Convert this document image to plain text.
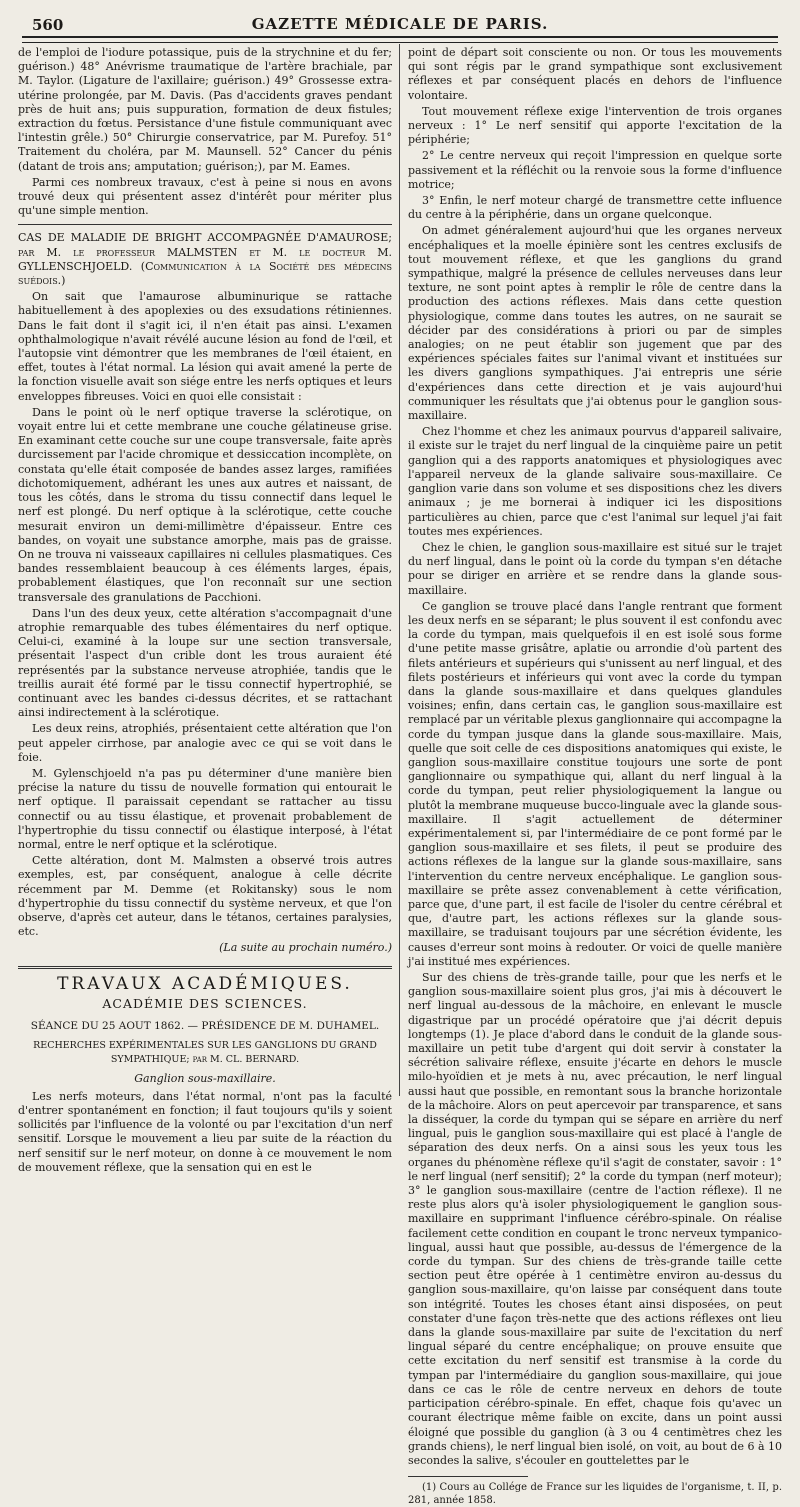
560	GAZETTE MÉDICALE DE PARIS.

de l'emploi de l'iodure potassique, puis de la strychnine et du fer; guérison.) 48° Anévrisme traumatique de l'artère brachiale, par M. Taylor. (Ligature de l'axillaire; guérison.) 49° Grossesse extra-utérine prolongée, par M. Davis. (Pas d'accidents graves pendant près de huit ans; puis suppuration, formation de deux fistules; extraction du fœtus. Persistance d'une fistule communiquant avec l'intestin grêle.) 50° Chirurgie conservatrice, par M. Purefoy. 51° Traitement du choléra, par M. Maunsell. 52° Cancer du pénis (datant de trois ans; amputation; guérison;), par M. Eames.

Parmi ces nombreux travaux, c'est à peine si nous en avons trouvé deux qui présentent assez d'intérêt pour mériter plus qu'une simple mention.

CAS DE MALADIE DE BRIGHT ACCOMPAGNÉE D'AMAUROSE; par M. le professeur MALMSTEN et M. le docteur M. GYLLENSCHJOELD. (Communication à la Société des médecins suédois.)

On sait que l'amaurose albuminurique se rattache habituellement à des apoplexies ou des exsudations rétiniennes. Dans le fait dont il s'agit ici, il n'en était pas ainsi. L'examen ophthalmologique n'avait révélé aucune lésion au fond de l'œil, et l'autopsie vint démontrer que les membranes de l'œil étaient, en effet, toutes à l'état normal. La lésion qui avait amené la perte de la fonction visuelle avait son siége entre les nerfs optiques et leurs enveloppes fibreuses. Voici en quoi elle consistait :

Dans le point où le nerf optique traverse la sclérotique, on voyait entre lui et cette membrane une couche gélatineuse grise. En examinant cette couche sur une coupe transversale, faite après durcissement par l'acide chromique et dessiccation incomplète, on constata qu'elle était composée de bandes assez larges, ramifiées dichotomiquement, adhérant les unes aux autres et naissant, de tous les côtés, dans le stroma du tissu connectif dans lequel le nerf est plongé. Du nerf optique à la sclérotique, cette couche mesurait environ un demi-millimètre d'épaisseur. Entre ces bandes, on voyait une substance amorphe, mais pas de graisse. On ne trouva ni vaisseaux capillaires ni cellules plasmatiques. Ces bandes ressemblaient beaucoup à ces éléments larges, épais, probablement élastiques, que l'on reconnaît sur une section transversale des granulations de Pacchioni.

Dans l'un des deux yeux, cette altération s'accompagnait d'une atrophie remarquable des tubes élémentaires du nerf optique. Celui-ci, examiné à la loupe sur une section transversale, présentait l'aspect d'un crible dont les trous auraient été représentés par la substance nerveuse atrophiée, tandis que le treillis aurait été formé par le tissu connectif hypertrophié, se continuant avec les bandes ci-dessus décrites, et se rattachant ainsi indirectement à la sclérotique.

Les deux reins, atrophiés, présentaient cette altération que l'on peut appeler cirrhose, par analogie avec ce qui se voit dans le foie.

M. Gylenschjoeld n'a pas pu déterminer d'une manière bien précise la nature du tissu de nouvelle formation qui entourait le nerf optique. Il paraissait cependant se rattacher au tissu connectif ou au tissu élastique, et provenait probablement de l'hypertrophie du tissu connectif ou élastique interposé, à l'état normal, entre le nerf optique et la sclérotique.

Cette altération, dont M. Malmsten a observé trois autres exemples, est, par conséquent, analogue à celle décrite récemment par M. Demme (et Rokitansky) sous le nom d'hypertrophie du tissu connectif du système nerveux, et que l'on observe, d'après cet auteur, dans le tétanos, certaines paralysies, etc.

(La suite au prochain numéro.)
TRAVAUX ACADÉMIQUES.
ACADÉMIE DES SCIENCES.
SÉANCE DU 25 AOUT 1862. — PRÉSIDENCE DE M. DUHAMEL.

RECHERCHES EXPÉRIMENTALES SUR LES GANGLIONS DU GRAND SYMPATHIQUE; par M. CL. BERNARD.

Ganglion sous-maxillaire.

Les nerfs moteurs, dans l'état normal, n'ont pas la faculté d'entrer spontanément en fonction; il faut toujours qu'ils y soient sollicités par l'influence de la volonté ou par l'excitation d'un nerf sensitif. Lorsque le mouvement a lieu par suite de la réaction du nerf sensitif sur le nerf moteur, on donne à ce mouvement le nom de mouvement réflexe, que la sensation qui en est le

point de départ soit consciente ou non. Or tous les mouvements qui sont régis par le grand sympathique sont exclusivement réflexes et par conséquent placés en dehors de l'influence volontaire.

Tout mouvement réflexe exige l'intervention de trois organes nerveux : 1° Le nerf sensitif qui apporte l'excitation de la périphérie;

2° Le centre nerveux qui reçoit l'impression en quelque sorte passivement et la réfléchit ou la renvoie sous la forme d'influence motrice;

3° Enfin, le nerf moteur chargé de transmettre cette influence du centre à la périphérie, dans un organe quelconque.

On admet généralement aujourd'hui que les organes nerveux encéphaliques et la moelle épinière sont les centres exclusifs de tout mouvement réflexe, et que les ganglions du grand sympathique, malgré la présence de cellules nerveuses dans leur texture, ne sont point aptes à remplir le rôle de centre dans la production des actions réflexes. Mais dans cette question physiologique, comme dans toutes les autres, on ne saurait se décider par des considérations à priori ou par de simples analogies; on ne peut établir son jugement que par des expériences spéciales faites sur l'animal vivant et instituées sur les divers ganglions sympathiques. J'ai entrepris une série d'expériences dans cette direction et je vais aujourd'hui communiquer les résultats que j'ai obtenus pour le ganglion sous-maxillaire.

Chez l'homme et chez les animaux pourvus d'appareil salivaire, il existe sur le trajet du nerf lingual de la cinquième paire un petit ganglion qui a des rapports anatomiques et physiologiques avec l'appareil nerveux de la glande salivaire sous-maxillaire. Ce ganglion varie dans son volume et ses dispositions chez les divers animaux ; je me bornerai à indiquer ici les dispositions particulières au chien, parce que c'est l'animal sur lequel j'ai fait toutes mes expériences.

Chez le chien, le ganglion sous-maxillaire est situé sur le trajet du nerf lingual, dans le point où la corde du tympan s'en détache pour se diriger en arrière et se rendre dans la glande sous-maxillaire.

Ce ganglion se trouve placé dans l'angle rentrant que forment les deux nerfs en se séparant; le plus souvent il est confondu avec la corde du tympan, mais quelquefois il en est isolé sous forme d'une petite masse grisâtre, aplatie ou arrondie d'où partent des filets antérieurs et supérieurs qui s'unissent au nerf lingual, et des filets postérieurs et inférieurs qui vont avec la corde du tympan dans la glande sous-maxillaire et dans quelques glandules voisines; enfin, dans certain cas, le ganglion sous-maxillaire est remplacé par un véritable plexus ganglionnaire qui accompagne la corde du tympan jusque dans la glande sous-maxillaire. Mais, quelle que soit celle de ces dispositions anatomiques qui existe, le ganglion sous-maxillaire constitue toujours une sorte de pont ganglionnaire ou sympathique qui, allant du nerf lingual à la corde du tympan, peut relier physiologiquement la langue ou plutôt la membrane muqueuse bucco-linguale avec la glande sous-maxillaire. Il s'agit actuellement de déterminer expérimentalement si, par l'intermédiaire de ce pont formé par le ganglion sous-maxillaire et ses filets, il peut se produire des actions réflexes de la langue sur la glande sous-maxillaire, sans l'intervention du centre nerveux encéphalique. Le ganglion sous-maxillaire se prête assez convenablement à cette vérification, parce que, d'une part, il est facile de l'isoler du centre cérébral et que, d'autre part, les actions réflexes sur la glande sous-maxillaire, se traduisant toujours par une sécrétion évidente, les causes d'erreur sont moins à redouter. Or voici de quelle manière j'ai institué mes expériences.

Sur des chiens de très-grande taille, pour que les nerfs et le ganglion sous-maxillaire soient plus gros, j'ai mis à découvert le nerf lingual au-dessous de la mâchoire, en enlevant le muscle digastrique par un procédé opératoire que j'ai décrit depuis longtemps (1). Je place d'abord dans le conduit de la glande sous-maxillaire un petit tube d'argent qui doit servir à constater la sécrétion salivaire réflexe, ensuite j'écarte en dehors le muscle milo-hyoïdien et je mets à nu, avec précaution, le nerf lingual aussi haut que possible, en remontant sous la branche horizontale de la mâchoire. Alors on peut apercevoir par transparence, et sans la disséquer, la corde du tympan qui se sépare en arrière du nerf lingual, puis le ganglion sous-maxillaire qui est placé à l'angle de séparation des deux nerfs. On a ainsi sous les yeux tous les organes du phénomène réflexe qu'il s'agit de constater, savoir : 1° le nerf lingual (nerf sensitif); 2° la corde du tympan (nerf moteur); 3° le ganglion sous-maxillaire (centre de l'action réflexe). Il ne reste plus alors qu'à isoler physiologiquement le ganglion sous-maxillaire en supprimant l'influence cérébro-spinale. On réalise facilement cette condition en coupant le tronc nerveux tympanico-lingual, aussi haut que possible, au-dessus de l'émergence de la corde du tympan. Sur des chiens de très-grande taille cette section peut être opérée à 1 centimètre environ au-dessus du ganglion sous-maxillaire, qu'on laisse par conséquent dans toute son intégrité. Toutes les choses étant ainsi disposées, on peut constater d'une façon très-nette que des actions réflexes ont lieu dans la glande sous-maxillaire par suite de l'excitation du nerf lingual séparé du centre encéphalique; on prouve ensuite que cette excitation du nerf sensitif est transmise à la corde du tympan par l'intermédiaire du ganglion sous-maxillaire, qui joue dans ce cas le rôle de centre nerveux en dehors de toute participation cérébro-spinale. En effet, chaque fois qu'avec un courant électrique même faible on excite, dans un point aussi éloigné que possible du ganglion (à 3 ou 4 centimètres chez les grands chiens), le nerf lingual bien isolé, on voit, au bout de 6 à 10 secondes la salive, s'écouler en gouttelettes par le

(1) Cours au Collége de France sur les liquides de l'organisme, t. II, p. 281, année 1858.
